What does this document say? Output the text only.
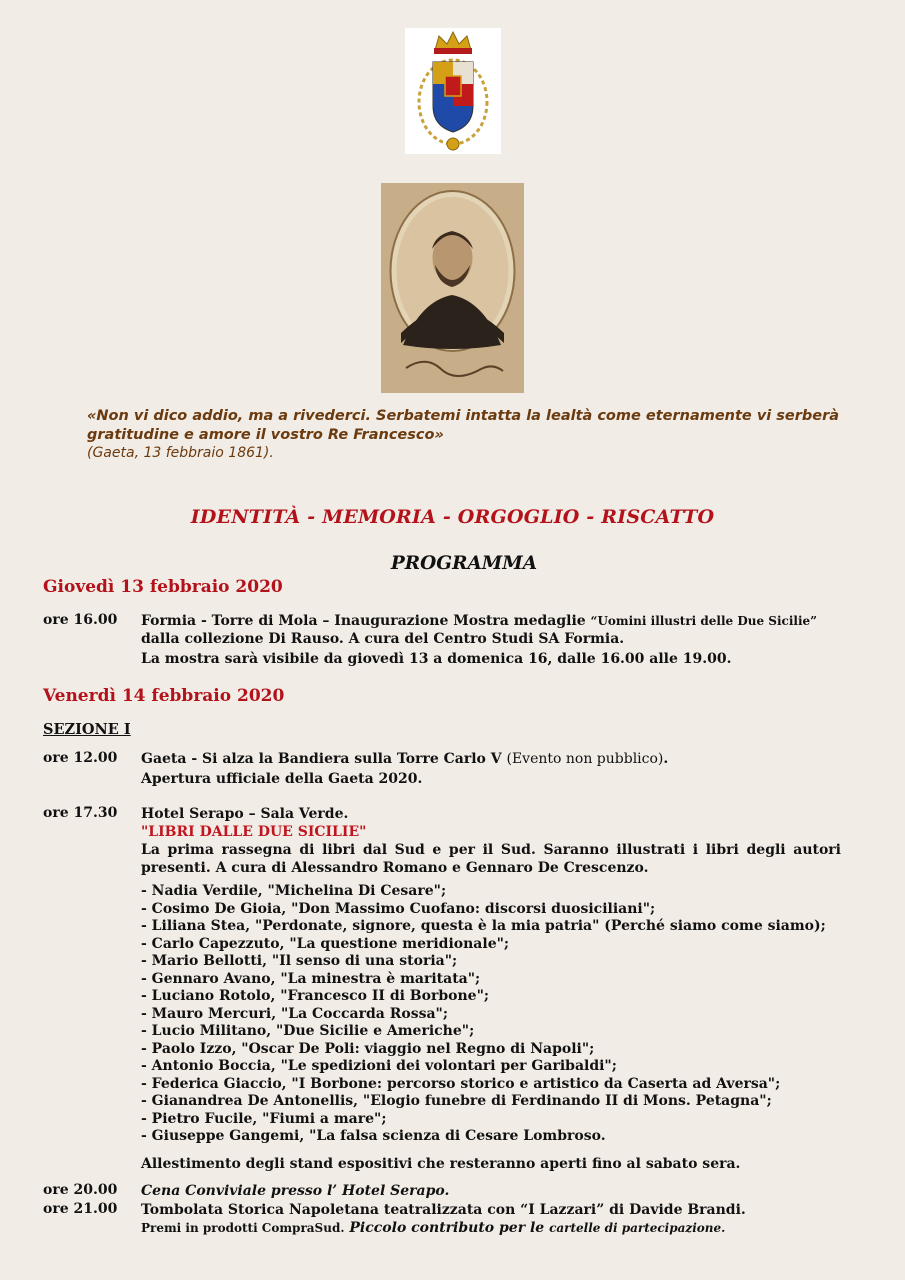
«Non vi dico addio, ma a rivederci. Serbatemi intatta la lealtà come eternamente vi serberà gratitudine e amore il vostro Re Francesco»
(Gaeta, 13 febbraio 1861).
IDENTITÀ - MEMORIA - ORGOGLIO - RISCATTO
PROGRAMMA
Giovedì 13 febbraio 2020
ore 16.00 Formia - Torre di Mola – Inaugurazione Mostra medaglie “Uomini illustri delle Due Sicilie”
dalla collezione Di Rauso. A cura del Centro Studi SA Formia.
La mostra sarà visibile da giovedì 13 a domenica 16, dalle 16.00 alle 19.00.
Venerdì 14 febbraio 2020
SEZIONE I
ore 12.00 Gaeta - Si alza la Bandiera sulla Torre Carlo V (Evento non pubblico).
Apertura ufficiale della Gaeta 2020.
ore 17.30 Hotel Serapo – Sala Verde.
"LIBRI DALLE DUE SICILIE"
La prima rassegna di libri dal Sud e per il Sud. Saranno illustrati i libri degli autori presenti. A cura di Alessandro Romano e Gennaro De Crescenzo.
- Nadia Verdile, "Michelina Di Cesare";
- Cosimo De Gioia, "Don Massimo Cuofano: discorsi duosiciliani";
- Liliana Stea, "Perdonate, signore, questa è la mia patria" (Perché siamo come siamo);
- Carlo Capezzuto, "La questione meridionale";
- Mario Bellotti, "Il senso di una storia";
- Gennaro Avano, "La minestra è maritata";
- Luciano Rotolo, "Francesco II di Borbone";
- Mauro Mercuri, "La Coccarda Rossa";
- Lucio Militano, "Due Sicilie e Americhe";
- Paolo Izzo, "Oscar De Poli: viaggio nel Regno di Napoli";
- Antonio Boccia, "Le spedizioni dei volontari per Garibaldi";
- Federica Giaccio, "I Borbone: percorso storico e artistico da Caserta ad Aversa";
- Gianandrea De Antonellis, "Elogio funebre di Ferdinando II di Mons. Petagna";
- Pietro Fucile, "Fiumi a mare";
- Giuseppe Gangemi, "La falsa scienza di Cesare Lombroso.
Allestimento degli stand espositivi che resteranno aperti fino al sabato sera.
ore 20.00 Cena Conviviale presso l’ Hotel Serapo.
ore 21.00 Tombolata Storica Napoletana teatralizzata con “I Lazzari” di Davide Brandi.
Premi in prodotti CompraSud. Piccolo contributo per le cartelle di partecipazione.
